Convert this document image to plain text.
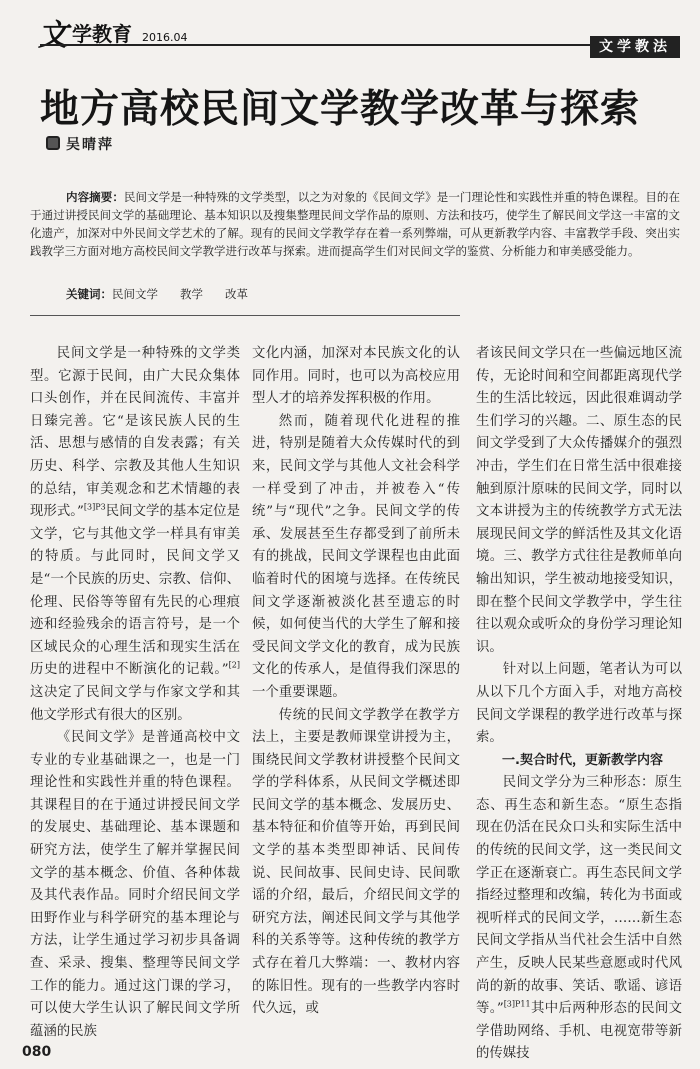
文 学教育 2016.04
文学教法
地方高校民间文学教学改革与探索
吴晴萍
内容摘要：民间文学是一种特殊的文学类型，以之为对象的《民间文学》是一门理论性和实践性并重的特色课程。目的在于通过讲授民间文学的基础理论、基本知识以及搜集整理民间文学作品的原则、方法和技巧，使学生了解民间文学这一丰富的文化遗产，加深对中外民间文学艺术的了解。现有的民间文学教学存在着一系列弊端，可从更新教学内容、丰富教学手段、突出实践教学三方面对地方高校民间文学教学进行改革与探索。进而提高学生们对民间文学的鉴赏、分析能力和审美感受能力。
关键词：民间文学 教学 改革

民间文学是一种特殊的文学类型。它源于民间，由广大民众集体口头创作，并在民间流传、丰富并日臻完善。它“是该民族人民的生活、思想与感情的自发表露；有关历史、科学、宗教及其他人生知识的总结，审美观念和艺术情趣的表现形式。”$^{[3]P3}$民间文学的基本定位是文学，它与其他文学一样具有审美的特质。与此同时，民间文学又是“一个民族的历史、宗教、信仰、伦理、民俗等等留有先民的心理痕迹和经验残余的语言符号，是一个区域民众的心理生活和现实生活在历史的进程中不断演化的记载。”[2]这决定了民间文学与作家文学和其他文学形式有很大的区别。

《民间文学》是普通高校中文专业的专业基础课之一，也是一门理论性和实践性并重的特色课程。其课程目的在于通过讲授民间文学的发展史、基础理论、基本课题和研究方法，使学生了解并掌握民间文学的基本概念、价值、各种体裁及其代表作品。同时介绍民间文学田野作业与科学研究的基本理论与方法，让学生通过学习初步具备调查、采录、搜集、整理等民间文学工作的能力。通过这门课的学习，可以使大学生认识了解民间文学所蕴涵的民族

文化内涵，加深对本民族文化的认同作用。同时，也可以为高校应用型人才的培养发挥积极的作用。

然而，随着现代化进程的推进，特别是随着大众传媒时代的到来，民间文学与其他人文社会科学一样受到了冲击，并被卷入“传统”与“现代”之争。民间文学的传承、发展甚至生存都受到了前所未有的挑战，民间文学课程也由此面临着时代的困境与选择。在传统民间文学逐渐被淡化甚至遗忘的时候，如何使当代的大学生了解和接受民间文学文化的教育，成为民族文化的传承人，是值得我们深思的一个重要课题。

传统的民间文学教学在教学方法上，主要是教师课堂讲授为主，围绕民间文学教材讲授整个民间文学的学科体系，从民间文学概述即民间文学的基本概念、发展历史、基本特征和价值等开始，再到民间文学的基本类型即神话、民间传说、民间故事、民间史诗、民间歌谣的介绍，最后，介绍民间文学的研究方法，阐述民间文学与其他学科的关系等等。这种传统的教学方式存在着几大弊端：一、教材内容的陈旧性。现有的一些教学内容时代久远，或

者该民间文学只在一些偏远地区流传，无论时间和空间都距离现代学生的生活比较远，因此很难调动学生们学习的兴趣。二、原生态的民间文学受到了大众传播媒介的强烈冲击，学生们在日常生活中很难接触到原汁原味的民间文学，同时以文本讲授为主的传统教学方式无法展现民间文学的鲜活性及其文化语境。三、教学方式往往是教师单向输出知识，学生被动地接受知识，即在整个民间文学教学中，学生往往以观众或听众的身份学习理论知识。

针对以上问题，笔者认为可以从以下几个方面入手，对地方高校民间文学课程的教学进行改革与探索。

一.契合时代，更新教学内容

民间文学分为三种形态：原生态、再生态和新生态。“原生态指现在仍活在民众口头和实际生活中的传统的民间文学，这一类民间文学正在逐渐衰亡。再生态民间文学指经过整理和改编，转化为书面或视听样式的民间文学，……新生态民间文学指从当代社会生活中自然产生，反映人民某些意愿或时代风尚的新的故事、笑话、歌谣、谚语等。”$^{[3]P11}$其中后两种形态的民间文学借助网络、手机、电视宽带等新的传媒技

080
